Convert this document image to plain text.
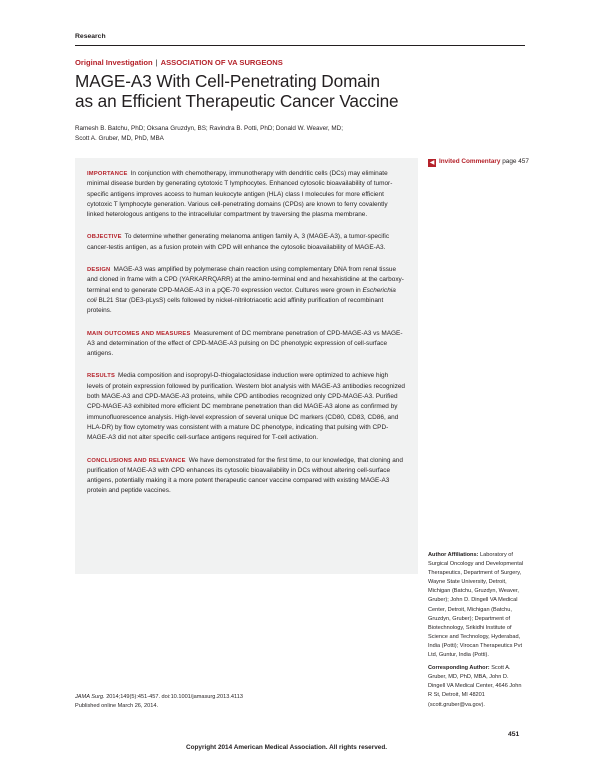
Research
Original Investigation | ASSOCIATION OF VA SURGEONS
MAGE-A3 With Cell-Penetrating Domain
as an Efficient Therapeutic Cancer Vaccine
Ramesh B. Batchu, PhD; Oksana Gruzdyn, BS; Ravindra B. Potti, PhD; Donald W. Weaver, MD;
Scott A. Gruber, MD, PhD, MBA
◀ Invited Commentary page 457

IMPORTANCE In conjunction with chemotherapy, immunotherapy with dendritic cells (DCs) may eliminate minimal disease burden by generating cytotoxic T lymphocytes. Enhanced cytosolic bioavailability of tumor-specific antigens improves access to human leukocyte antigen (HLA) class I molecules for more efficient cytotoxic T lymphocyte generation. Various cell-penetrating domains (CPDs) are known to ferry covalently linked heterologous antigens to the intracellular compartment by traversing the plasma membrane.

OBJECTIVE To determine whether generating melanoma antigen family A, 3 (MAGE-A3), a tumor-specific cancer-testis antigen, as a fusion protein with CPD will enhance the cytosolic bioavailability of MAGE-A3.

DESIGN MAGE-A3 was amplified by polymerase chain reaction using complementary DNA from renal tissue and cloned in frame with a CPD (YARKARRQARR) at the amino-terminal end and hexahistidine at the carboxy-terminal end to generate CPD-MAGE-A3 in a pQE-70 expression vector. Cultures were grown in Escherichia coli BL21 Star (DE3-pLysS) cells followed by nickel-nitrilotriacetic acid affinity purification of recombinant proteins.

MAIN OUTCOMES AND MEASURES Measurement of DC membrane penetration of CPD-MAGE-A3 vs MAGE-A3 and determination of the effect of CPD-MAGE-A3 pulsing on DC phenotypic expression of cell-surface antigens.

RESULTS Media composition and isopropyl-D-thiogalactosidase induction were optimized to achieve high levels of protein expression followed by purification. Western blot analysis with MAGE-A3 antibodies recognized both MAGE-A3 and CPD-MAGE-A3 proteins, while CPD antibodies recognized only CPD-MAGE-A3. Purified CPD-MAGE-A3 exhibited more efficient DC membrane penetration than did MAGE-A3 alone as confirmed by immunofluorescence analysis. High-level expression of several unique DC markers (CD80, CD83, CD86, and HLA-DR) by flow cytometry was consistent with a mature DC phenotype, indicating that pulsing with CPD-MAGE-A3 did not alter specific cell-surface antigens required for T-cell activation.

CONCLUSIONS AND RELEVANCE We have demonstrated for the first time, to our knowledge, that cloning and purification of MAGE-A3 with CPD enhances its cytosolic bioavailability in DCs without altering cell-surface antigens, potentially making it a more potent therapeutic cancer vaccine compared with existing MAGE-A3 protein and peptide vaccines.

Author Affiliations: Laboratory of Surgical Oncology and Developmental Therapeutics, Department of Surgery, Wayne State University, Detroit, Michigan (Batchu, Gruzdyn, Weaver, Gruber); John D. Dingell VA Medical Center, Detroit, Michigan (Batchu, Gruzdyn, Gruber); Department of Biotechnology, Srikidhi Institute of Science and Technology, Hyderabad, India (Potti); Virocan Therapeutics Pvt Ltd, Guntur, India (Potti).

Corresponding Author: Scott A. Gruber, MD, PhD, MBA, John D. Dingell VA Medical Center, 4646 John R St, Detroit, MI 48201 (scott.gruber@va.gov).

JAMA Surg. 2014;149(5):451-457. doi:10.1001/jamasurg.2013.4113
Published online March 26, 2014.
451
Copyright 2014 American Medical Association. All rights reserved.
